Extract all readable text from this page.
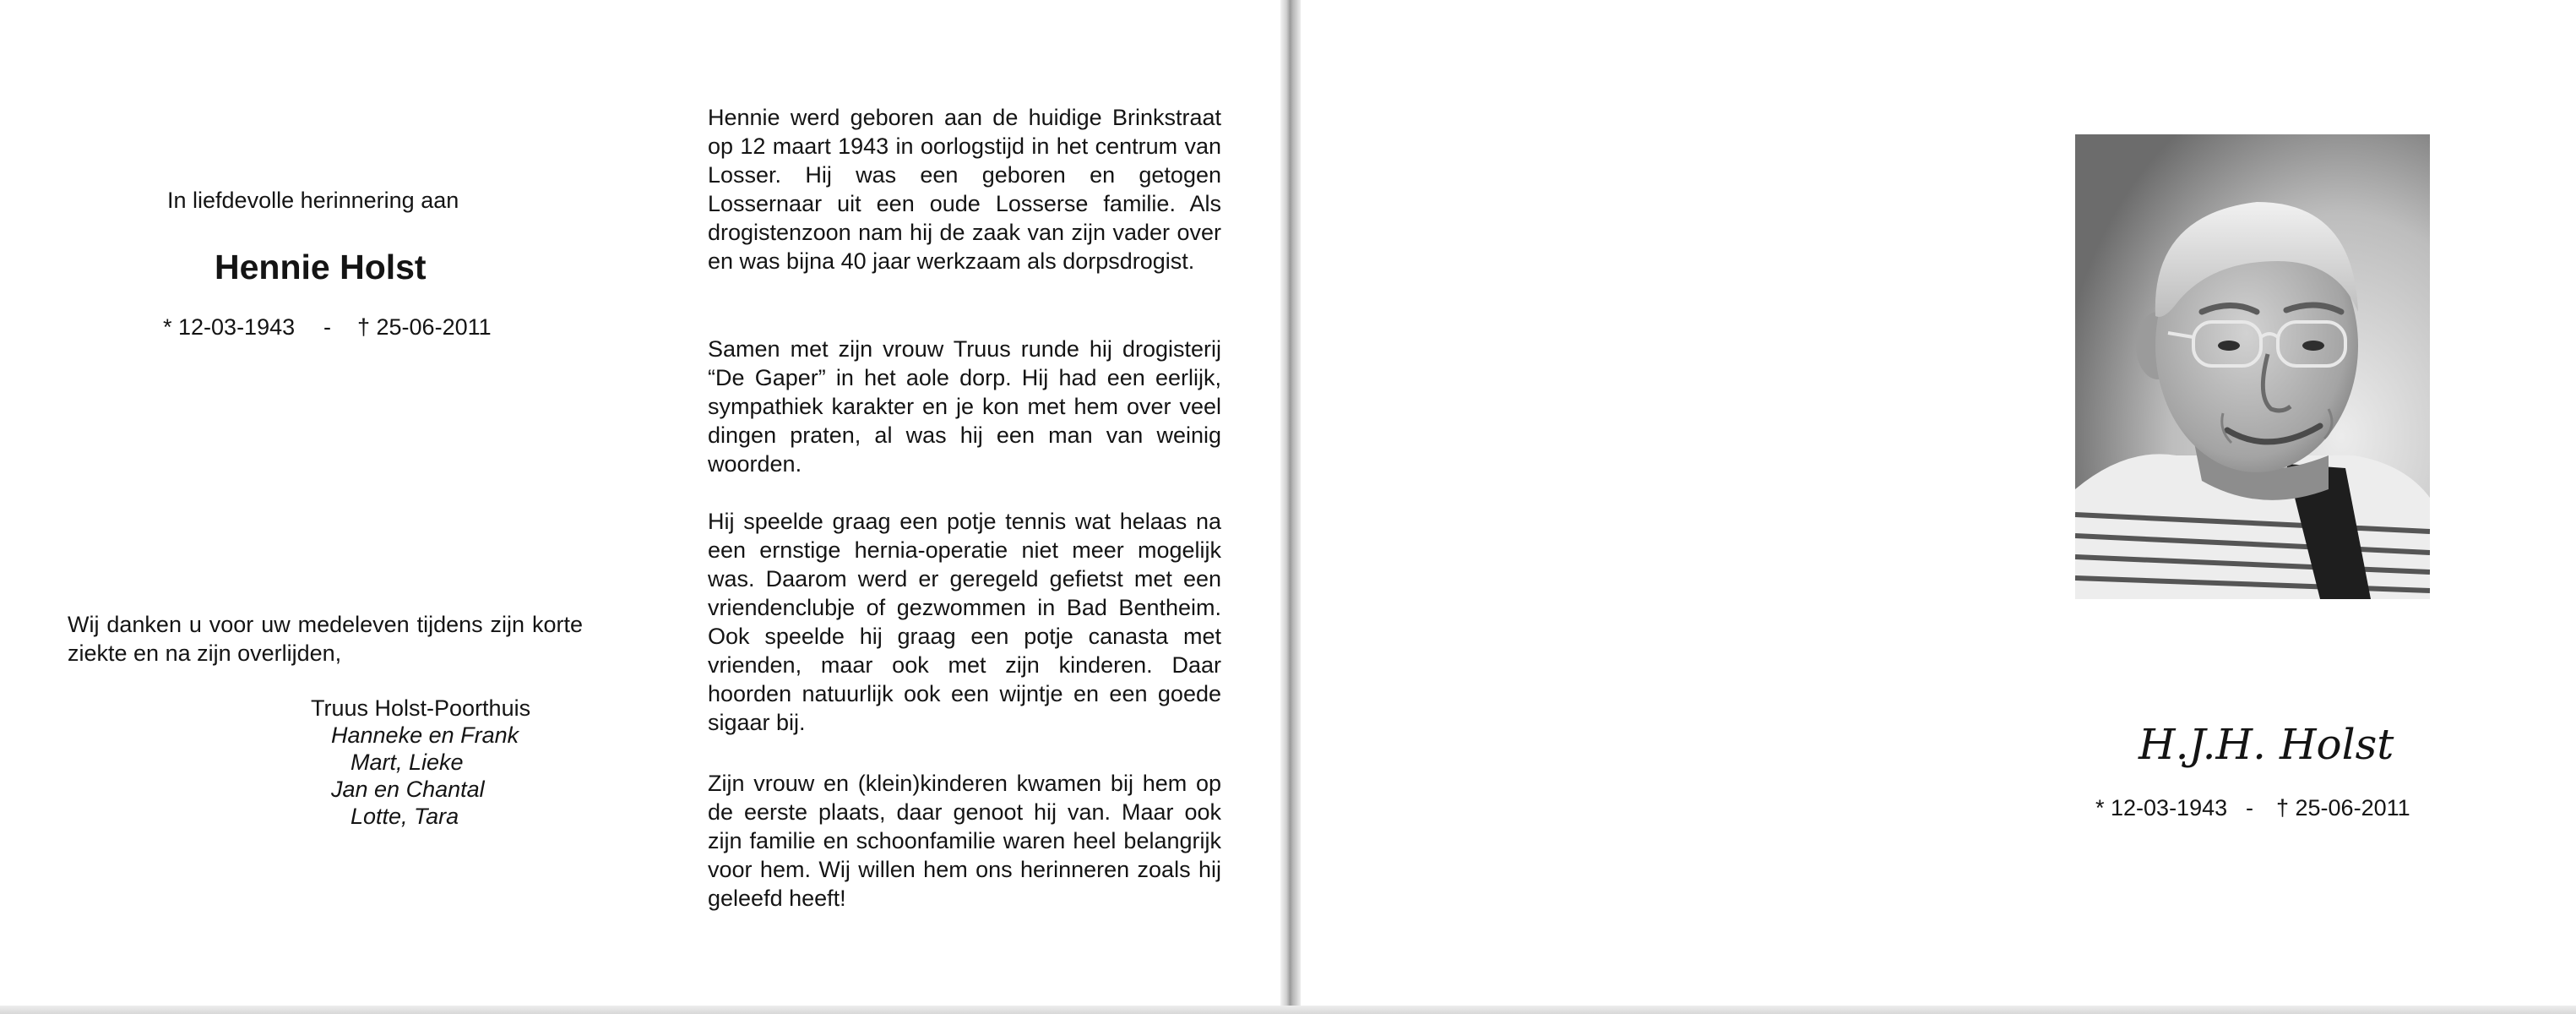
In liefdevolle herinnering aan

Hennie Holst

* 12-03-1943	-	† 25-06-2011

Wij danken u voor uw medeleven tijdens zijn korte ziekte en na zijn overlijden,

Truus Holst-Poorthuis

Hanneke en Frank

Mart, Lieke

Jan en Chantal

Lotte, Tara

Hennie werd geboren aan de huidige Brinkstraat op 12 maart 1943 in oorlogstijd in het centrum van Losser. Hij was een geboren en getogen Lossernaar uit een oude Losserse familie. Als drogistenzoon nam hij de zaak van zijn vader over en was bijna 40 jaar werkzaam als dorpsdrogist.

Samen met zijn vrouw Truus runde hij drogisterij “De Gaper” in het aole dorp. Hij had een eerlijk, sympathiek karakter en je kon met hem over veel dingen praten, al was hij een man van weinig woorden.

Hij speelde graag een potje tennis wat helaas na een ernstige hernia-operatie niet meer mogelijk was. Daarom werd er geregeld gefietst met een vriendenclubje of gezwommen in Bad Bentheim. Ook speelde hij graag een potje canasta met vrienden, maar ook met zijn kinderen. Daar hoorden natuurlijk ook een wijntje en een goede sigaar bij.

Zijn vrouw en (klein)kinderen kwamen bij hem op de eerste plaats, daar genoot hij van. Maar ook zijn familie en schoonfamilie waren heel belangrijk voor hem. Wij willen hem ons herinneren zoals hij geleefd heeft!

H.J.H. Holst

* 12-03-1943 -	† 25-06-2011
